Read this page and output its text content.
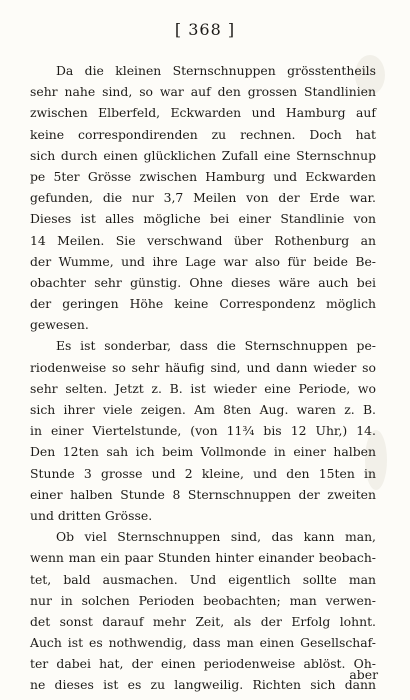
[ 368 ]
Da die kleinen Sternschnuppen grösstentheils
sehr nahe sind, so war auf den grossen Standlinien
zwischen Elberfeld, Eckwarden und Hamburg auf
keine correspondirenden zu rechnen. Doch hat
sich durch einen glücklichen Zufall eine Sternschnup
pe 5ter Grösse zwischen Hamburg und Eckwarden
gefunden, die nur 3,7 Meilen von der Erde war.
Dieses ist alles mögliche bei einer Standlinie von
14 Meilen. Sie verschwand über Rothenburg an
der Wumme, und ihre Lage war also für beide Be-
obachter sehr günstig. Ohne dieses wäre auch bei
der geringen Höhe keine Correspondenz möglich
gewesen.
Es ist sonderbar, dass die Sternschnuppen pe-
riodenweise so sehr häufig sind, und dann wieder so
sehr selten. Jetzt z. B. ist wieder eine Periode, wo
sich ihrer viele zeigen. Am 8ten Aug. waren z. B.
in einer Viertelstunde, (von 11¾ bis 12 Uhr,) 14.
Den 12ten sah ich beim Vollmonde in einer halben
Stunde 3 grosse und 2 kleine, und den 15ten in
einer halben Stunde 8 Sternschnuppen der zweiten
und dritten Grösse.
Ob viel Sternschnuppen sind, das kann man,
wenn man ein paar Stunden hinter einander beobach-
tet, bald ausmachen. Und eigentlich sollte man
nur in solchen Perioden beobachten; man verwen-
det sonst darauf mehr Zeit, als der Erfolg lohnt.
Auch ist es nothwendig, dass man einen Gesellschaf-
ter dabei hat, der einen periodenweise ablöst. Oh-
ne dieses ist es zu langweilig. Richten sich dann
aber
